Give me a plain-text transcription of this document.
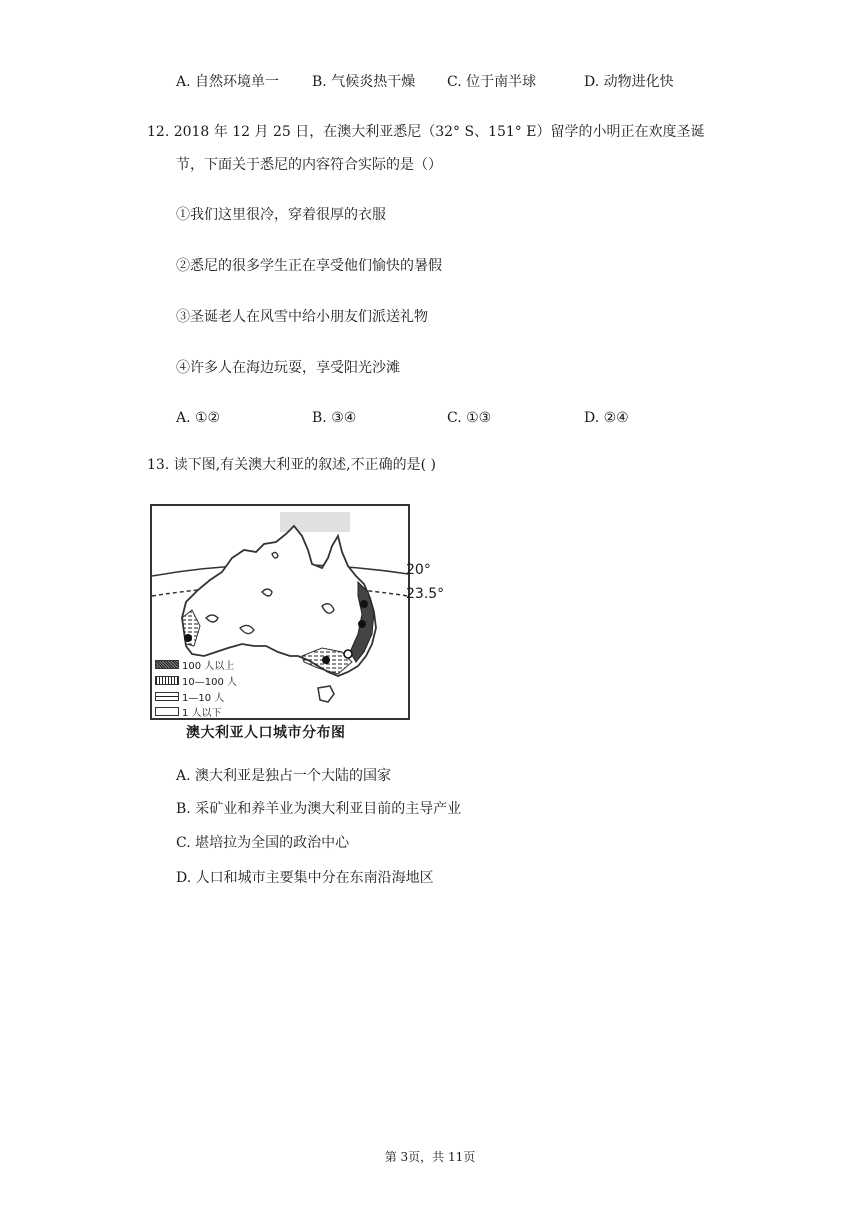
A. 自然环境单一 B. 气候炎热干燥 C. 位于南半球	D. 动物进化快
12. 2018 年 12 月 25 日，在澳大利亚悉尼（32° S、151° E）留学的小明正在欢度圣诞
节，下面关于悉尼的内容符合实际的是（）
①我们这里很冷，穿着很厚的衣服
②悉尼的很多学生正在享受他们愉快的暑假
③圣诞老人在风雪中给小朋友们派送礼物
④许多人在海边玩耍，享受阳光沙滩
A. ①②	B. ③④	C. ①③	D. ②④
13. 读下图,有关澳大利亚的叙述,不正确的是( )
20°
23.5°
100 人以上
10—100 人
1—10 人
1 人以下
澳大利亚人口城市分布图
A. 澳大利亚是独占一个大陆的国家
B. 采矿业和养羊业为澳大利亚目前的主导产业
C. 堪培拉为全国的政治中心
D. 人口和城市主要集中分在东南沿海地区
第 3页，共 11页
